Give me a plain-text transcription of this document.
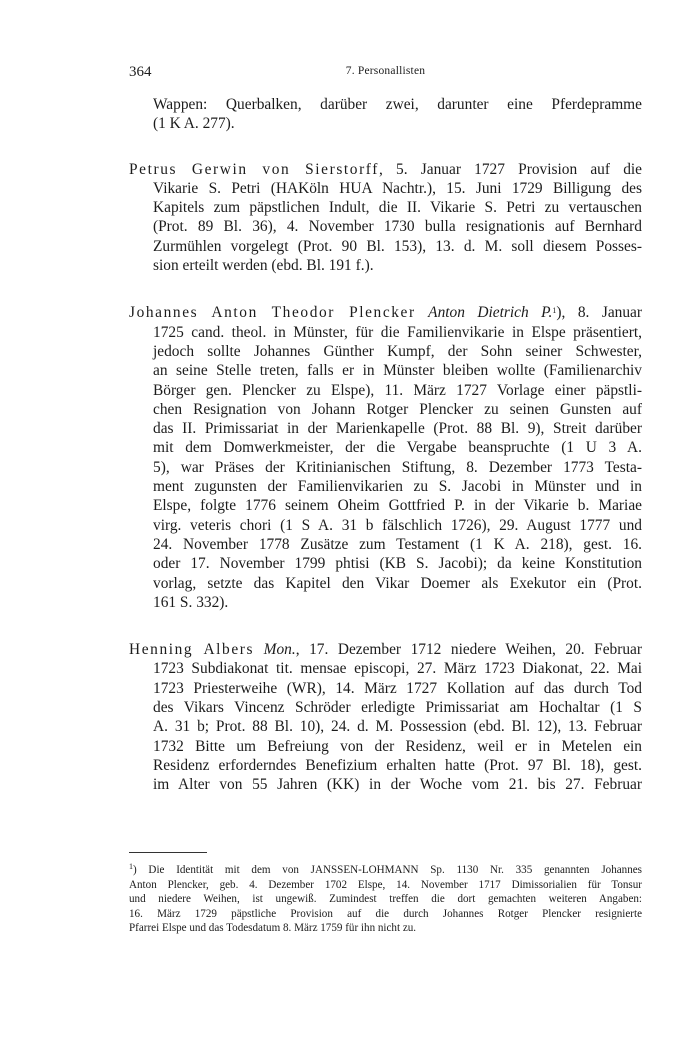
364	7. Personallisten
Wappen: Querbalken, darüber zwei, darunter eine Pferdepramme
(1 K A. 277).
Petrus Gerwin von Sierstorff, 5. Januar 1727 Provision auf die
Vikarie S. Petri (HAKöln HUA Nachtr.), 15. Juni 1729 Billigung des
Kapitels zum päpstlichen Indult, die II. Vikarie S. Petri zu vertauschen
(Prot. 89 Bl. 36), 4. November 1730 bulla resignationis auf Bernhard
Zurmühlen vorgelegt (Prot. 90 Bl. 153), 13. d. M. soll diesem Posses-
sion erteilt werden (ebd. Bl. 191 f.).
Johannes Anton Theodor Plencker Anton Dietrich P.$^1$), 8. Januar
1725 cand. theol. in Münster, für die Familienvikarie in Elspe präsentiert,
jedoch sollte Johannes Günther Kumpf, der Sohn seiner Schwester,
an seine Stelle treten, falls er in Münster bleiben wollte (Familienarchiv
Börger gen. Plencker zu Elspe), 11. März 1727 Vorlage einer päpstli-
chen Resignation von Johann Rotger Plencker zu seinen Gunsten auf
das II. Primissariat in der Marienkapelle (Prot. 88 Bl. 9), Streit darüber
mit dem Domwerkmeister, der die Vergabe beanspruchte (1 U 3 A.
5), war Präses der Kritinianischen Stiftung, 8. Dezember 1773 Testa-
ment zugunsten der Familienvikarien zu S. Jacobi in Münster und in
Elspe, folgte 1776 seinem Oheim Gottfried P. in der Vikarie b. Mariae
virg. veteris chori (1 S A. 31 b fälschlich 1726), 29. August 1777 und
24. November 1778 Zusätze zum Testament (1 K A. 218), gest. 16.
oder 17. November 1799 phtisi (KB S. Jacobi); da keine Konstitution
vorlag, setzte das Kapitel den Vikar Doemer als Exekutor ein (Prot.
161 S. 332).
Henning Albers Mon., 17. Dezember 1712 niedere Weihen, 20. Februar
1723 Subdiakonat tit. mensae episcopi, 27. März 1723 Diakonat, 22. Mai
1723 Priesterweihe (WR), 14. März 1727 Kollation auf das durch Tod
des Vikars Vincenz Schröder erledigte Primissariat am Hochaltar (1 S
A. 31 b; Prot. 88 Bl. 10), 24. d. M. Possession (ebd. Bl. 12), 13. Februar
1732 Bitte um Befreiung von der Residenz, weil er in Metelen ein
Residenz erforderndes Benefizium erhalten hatte (Prot. 97 Bl. 18), gest.
im Alter von 55 Jahren (KK) in der Woche vom 21. bis 27. Februar
$^1$) Die Identität mit dem von JANSSEN-LOHMANN Sp. 1130 Nr. 335 genannten Johannes
Anton Plencker, geb. 4. Dezember 1702 Elspe, 14. November 1717 Dimissorialien für Tonsur
und niedere Weihen, ist ungewiß. Zumindest treffen die dort gemachten weiteren Angaben:
16. März 1729 päpstliche Provision auf die durch Johannes Rotger Plencker resignierte
Pfarrei Elspe und das Todesdatum 8. März 1759 für ihn nicht zu.
